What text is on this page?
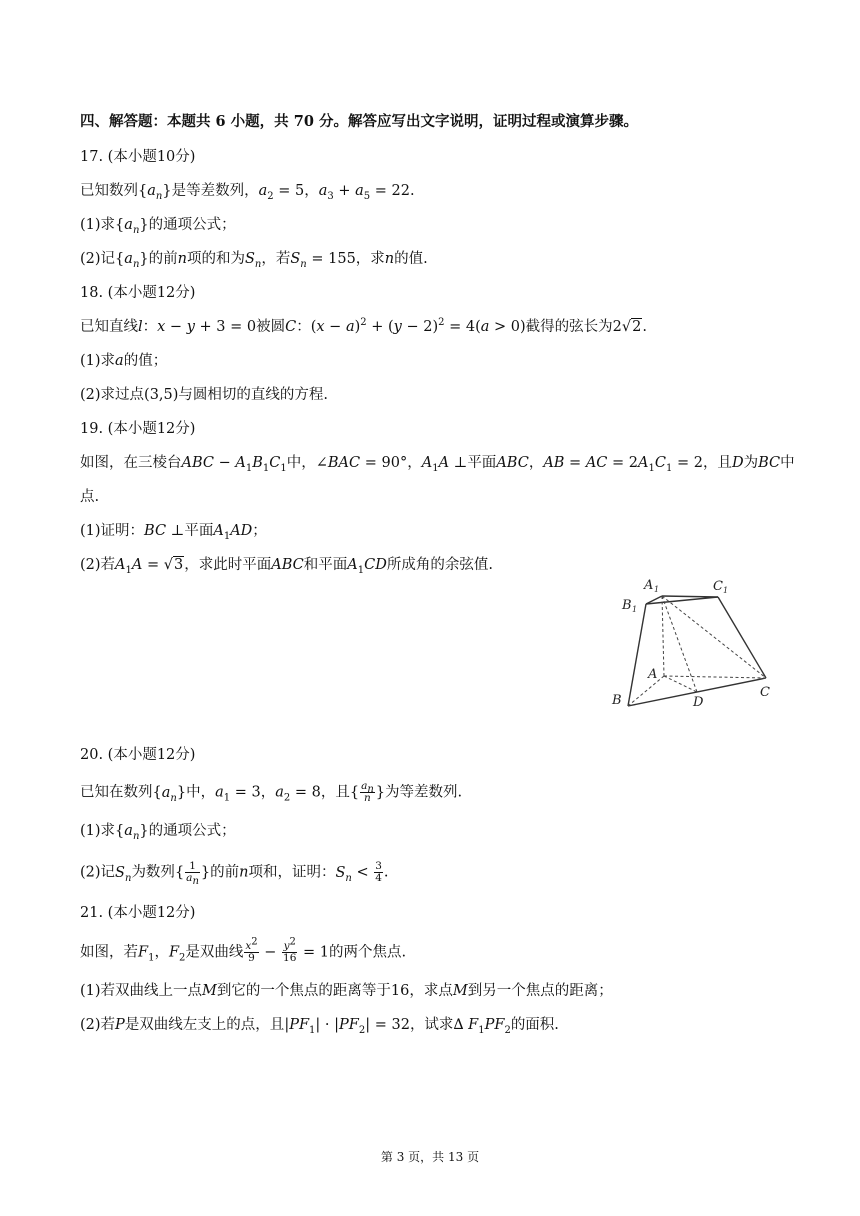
四、解答题：本题共 6 小题，共 70 分。解答应写出文字说明，证明过程或演算步骤。
17. (本小题10分)
已知数列$\{a_n\}$是等差数列，$a_2 = 5$，$a_3 + a_5 = 22$.
(1)求$\{a_n\}$的通项公式；
(2)记$\{a_n\}$的前n项的和为$S_n$，若$S_n = 155$，求n的值.
18. (本小题12分)
已知直线l：x − y + 3 = 0被圆C：$(x - a)^2 + (y - 2)^2 = 4(a > 0)$截得的弦长为2√2.
(1)求a的值；
(2)求过点(3,5)与圆相切的直线的方程.
19. (本小题12分)
如图，在三棱台ABC − $A_1B_1C_1$中，∠BAC = 90°，$A_1A$ ⊥平面ABC，AB = AC = $2A_1C_1 = 2$，且D为BC中
点.
(1)证明：BC ⊥平面$A_1AD$；
(2)若$A_1A = √3$，求此时平面ABC和平面$A_1CD$所成角的余弦值.
A 1	C 1
B 1
A
B
C
D
20. (本小题12分)
已知在数列$\{a_n\}$中，$a_1 = 3$，$a_2 = 8$，且{ $\frac{a_n}{n}$ }为等差数列.
(1)求$\{a_n\}$的通项公式；
(2)记$S_n$为数列{ $\frac{1}{a_n}$ }的前n项和，证明：$S_n < \frac{3}{4}$ .
21. (本小题12分)
如图，若$F_1$，$F_2$是双曲线 $\frac{x^2}{9} - \frac{y^2}{16} = 1$的两个焦点.
(1)若双曲线上一点M到它的一个焦点的距离等于16，求点M到另一个焦点的距离；
(2)若P是双曲线左支上的点，且$|PF_1| \cdot |PF_2| = 32$，试求∆ $F_1PF_2$的面积.
第 3 页，共 13 页
